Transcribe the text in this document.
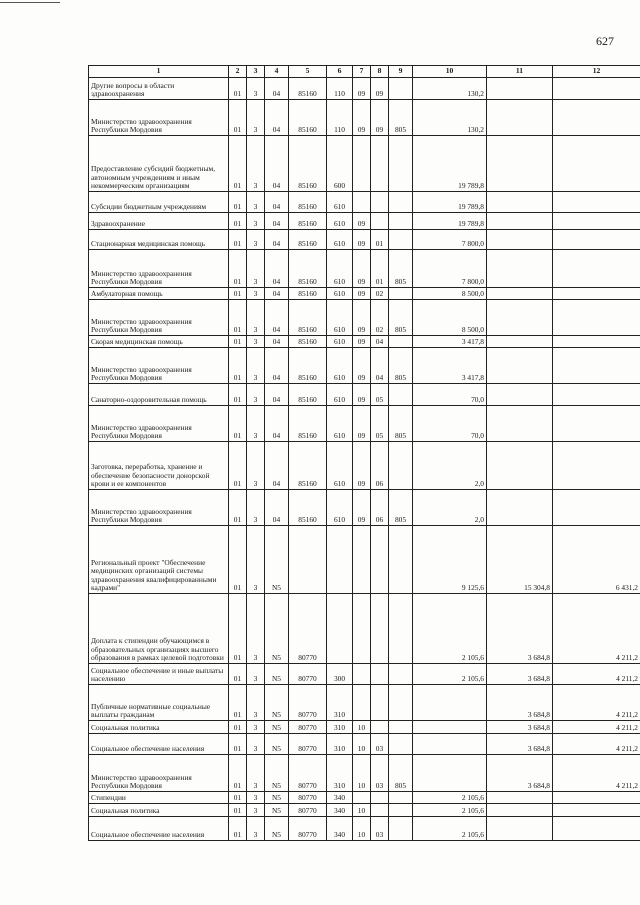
627
1	2	3	4	5	6	7	8	9	10	11	12
Другие вопросы в области здравоохранения	01	3	04	85160	110	09	09		130,2		
Министерство здравоохранения Республики Мордовия	01	3	04	85160	110	09	09	805	130,2		
Предоставление субсидий бюджетным, автономным учреждениям и иным некоммерческим организациям	01	3	04	85160	600				19 789,8		
Субсидии бюджетным учреждениям	01	3	04	85160	610				19 789,8		
Здравоохранение	01	3	04	85160	610	09			19 789,8		
Стационарная медицинская помощь	01	3	04	85160	610	09	01		7 800,0		
Министерство здравоохранения Республики Мордовия	01	3	04	85160	610	09	01	805	7 800,0		
Амбулаторная помощь	01	3	04	85160	610	09	02		8 500,0		
Министерство здравоохранения Республики Мордовия	01	3	04	85160	610	09	02	805	8 500,0		
Скорая медицинская помощь	01	3	04	85160	610	09	04		3 417,8		
Министерство здравоохранения Республики Мордовия	01	3	04	85160	610	09	04	805	3 417,8		
Санаторно-оздоровительная помощь	01	3	04	85160	610	09	05		70,0		
Министерство здравоохранения Республики Мордовия	01	3	04	85160	610	09	05	805	70,0		
Заготовка, переработка, хранение и обеспечение безопасности донорской крови и ее компонентов	01	3	04	85160	610	09	06		2,0		
Министерство здравоохранения Республики Мордовия	01	3	04	85160	610	09	06	805	2,0		
Региональный проект "Обеспечение медицинских организаций системы здравоохранения квалифицированными кадрами"	01	3	N5						9 125,6	15 304,8	6 431,2
Доплата к стипендии обучающимся в образовательных организациях высшего образования в рамках целевой подготовки	01	3	N5	80770					2 105,6	3 684,8	4 211,2
Социальное обеспечение и иные выплаты населению	01	3	N5	80770	300				2 105,6	3 684,8	4 211,2
Публичные нормативные социальные выплаты гражданам	01	3	N5	80770	310					3 684,8	4 211,2
Социальная политика	01	3	N5	80770	310	10				3 684,8	4 211,2
Социальное обеспечение населения	01	3	N5	80770	310	10	03			3 684,8	4 211,2
Министерство здравоохранения Республики Мордовия	01	3	N5	80770	310	10	03	805		3 684,8	4 211,2
Стипендии	01	3	N5	80770	340				2 105,6		
Социальная политика	01	3	N5	80770	340	10			2 105,6		
Социальное обеспечение населения	01	3	N5	80770	340	10	03		2 105,6		
